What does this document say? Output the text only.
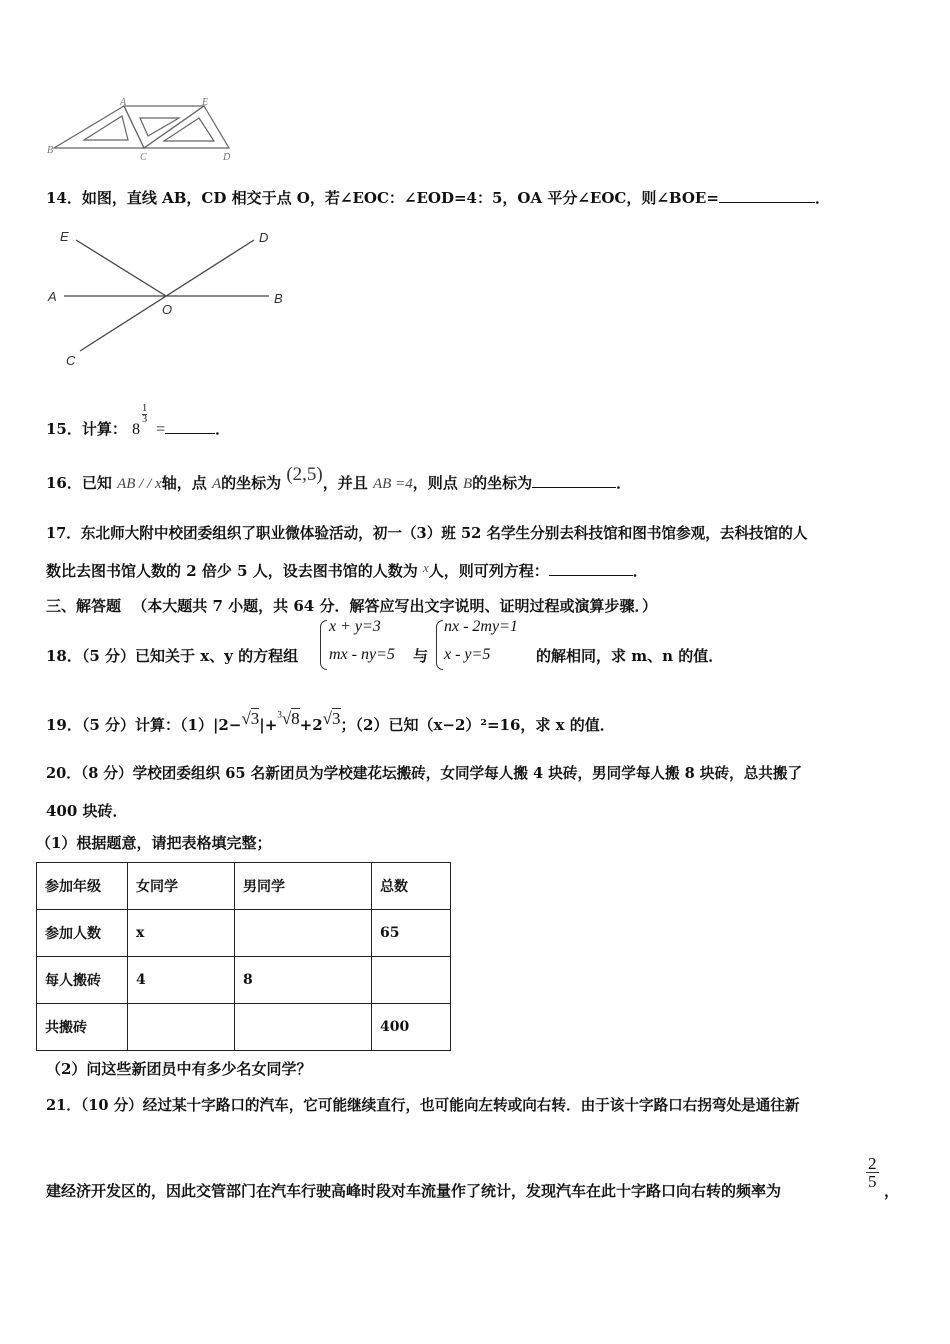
A	E
B
C	D
14．如图，直线 AB，CD 相交于点 O，若∠EOC：∠EOD=4：5，OA 平分∠EOC，则∠BOE=	．
E	D
A
O
B
C
15．计算： 8
$\frac{1}{3}$
=	．
16．已知 AB / / x轴，点 A的坐标为 (2,5)，并且 AB =4，则点 B的坐标为	．
17．东北师大附中校团委组织了职业微体验活动，初一（3）班 52 名学生分别去科技馆和图书馆参观，去科技馆的人
数比去图书馆人数的 2 倍少 5 人，设去图书馆的人数为 x人，则可列方程：	．
三、解答题 （本大题共 7 小题，共 64 分．解答应写出文字说明、证明过程或演算步骤．）
18．（5 分）已知关于 x、y 的方程组
x + y=3
mx - ny=5 与
nx - 2my=1
x - y=5	的解相同，求 m、n 的值．
19．（5 分）计算：（1）|2−√3|+$^3$√8+2√3；（2）已知（x−2）²=16，求 x 的值．
20．（8 分）学校团委组织 65 名新团员为学校建花坛搬砖，女同学每人搬 4 块砖，男同学每人搬 8 块砖，总共搬了
400 块砖．
（1）根据题意，请把表格填完整；
参加年级	女同学	男同学	总数
参加人数	x		65
每人搬砖	4	8	
共搬砖			400
（2）问这些新团员中有多少名女同学？
21．（10 分）经过某十字路口的汽车，它可能继续直行，也可能向左转或向右转．由于该十字路口右拐弯处是通往新
建经济开发区的，因此交管部门在汽车行驶高峰时段对车流量作了统计，发现汽车在此十字路口向右转的频率为	$\frac{2}{5}$ ，
